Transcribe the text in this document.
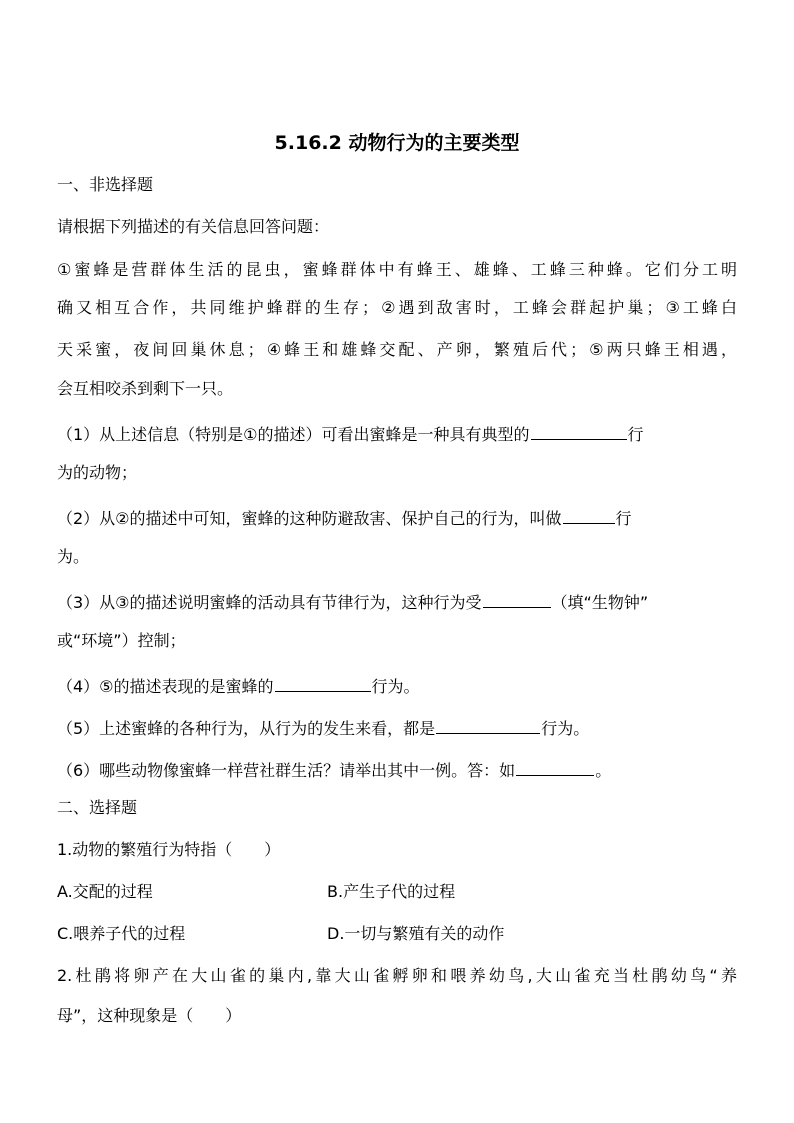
5.16.2 动物行为的主要类型
一、非选择题
请根据下列描述的有关信息回答问题：
①蜜蜂是营群体生活的昆虫，蜜蜂群体中有蜂王、雄蜂、工蜂三种蜂。它们分工明
确又相互合作，共同维护蜂群的生存；②遇到敌害时，工蜂会群起护巢；③工蜂白
天采蜜，夜间回巢休息；④蜂王和雄蜂交配、产卵，繁殖后代；⑤两只蜂王相遇，
会互相咬杀到剩下一只。
（1）从上述信息（特别是①的描述）可看出蜜蜂是一种具有典型的	行
为的动物；
（2）从②的描述中可知，蜜蜂的这种防避敌害、保护自己的行为，叫做	行
为。
（3）从③的描述说明蜜蜂的活动具有节律行为，这种行为受	（填“生物钟”
或“环境”）控制；
（4）⑤的描述表现的是蜜蜂的	行为。
（5）上述蜜蜂的各种行为，从行为的发生来看，都是	行为。
（6）哪些动物像蜜蜂一样营社群生活？请举出其中一例。答：如	。
二、选择题
1.动物的繁殖行为特指（　　）
A.交配的过程	B.产生子代的过程
C.喂养子代的过程	D.一切与繁殖有关的动作
2.杜鹃将卵产在大山雀的巢内,靠大山雀孵卵和喂养幼鸟,大山雀充当杜鹃幼鸟“养
母”，这种现象是（　　）
